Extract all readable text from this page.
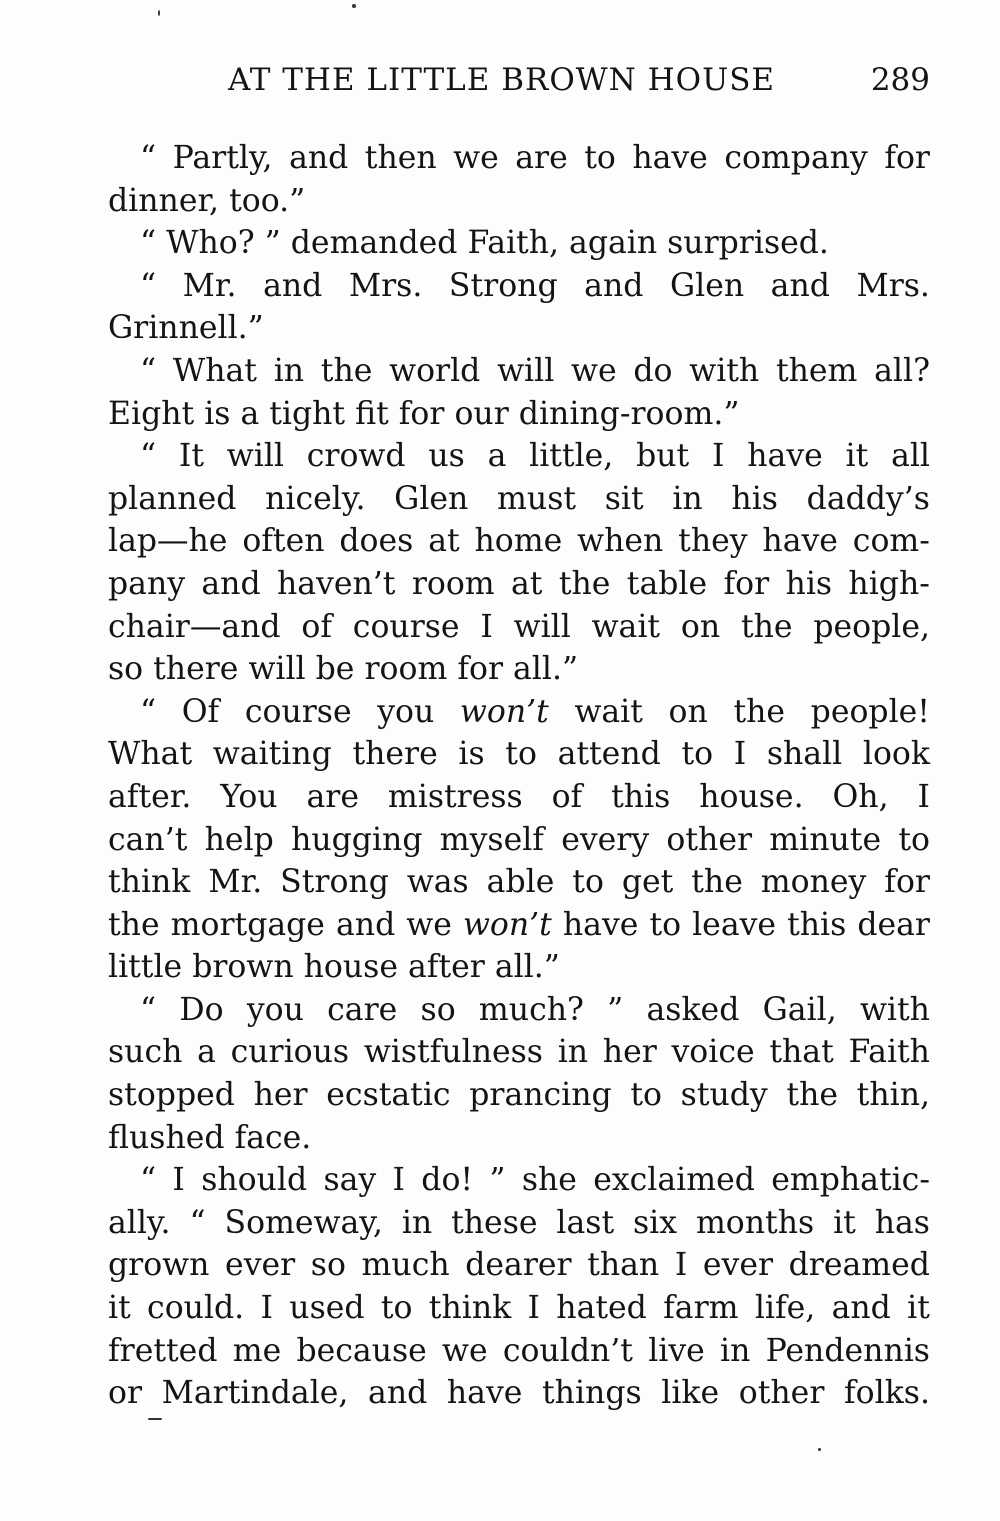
AT THE LITTLE BROWN HOUSE	289
“ Partly, and then we are to have company for
dinner, too.”
“ Who? ” demanded Faith, again surprised.
“ Mr. and Mrs. Strong and Glen and Mrs.
Grinnell.”
“ What in the world will we do with them all?
Eight is a tight fit for our dining-room.”
“ It will crowd us a little, but I have it all
planned nicely. Glen must sit in his daddy’s
lap—he often does at home when they have com-
pany and haven’t room at the table for his high-
chair—and of course I will wait on the people,
so there will be room for all.”
“ Of course you won’t wait on the people!
What waiting there is to attend to I shall look
after. You are mistress of this house. Oh, I
can’t help hugging myself every other minute to
think Mr. Strong was able to get the money for
the mortgage and we won’t have to leave this dear
little brown house after all.”
“ Do you care so much? ” asked Gail, with
such a curious wistfulness in her voice that Faith
stopped her ecstatic prancing to study the thin,
flushed face.
“ I should say I do! ” she exclaimed emphatic-
ally. “ Someway, in these last six months it has
grown ever so much dearer than I ever dreamed
it could. I used to think I hated farm life, and it
fretted me because we couldn’t live in Pendennis
or Martindale, and have things like other folks.
